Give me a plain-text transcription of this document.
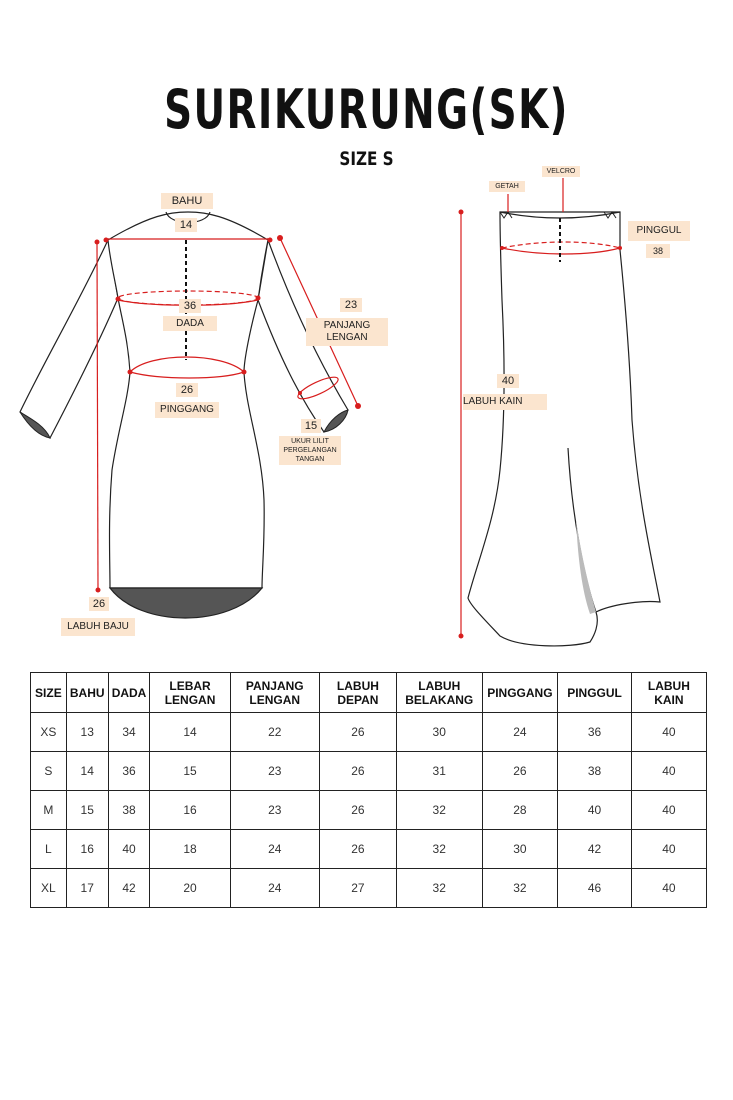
SURIKURUNG(SK)
SIZE S
BAHU
14
36
DADA
23
PANJANG LENGAN
26
PINGGANG
15
UKUR LILIT PERGELANGAN TANGAN
26
LABUH BAJU
GETAH
VELCRO
PINGGUL
38
40
LABUH KAIN
SIZE	BAHU	DADA	LEBAR LENGAN	PANJANG LENGAN	LABUH DEPAN	LABUH BELAKANG	PINGGANG	PINGGUL	LABUH KAIN
XS	13	34	14	22	26	30	24	36	40
S	14	36	15	23	26	31	26	38	40
M	15	38	16	23	26	32	28	40	40
L	16	40	18	24	26	32	30	42	40
XL	17	42	20	24	27	32	32	46	40
